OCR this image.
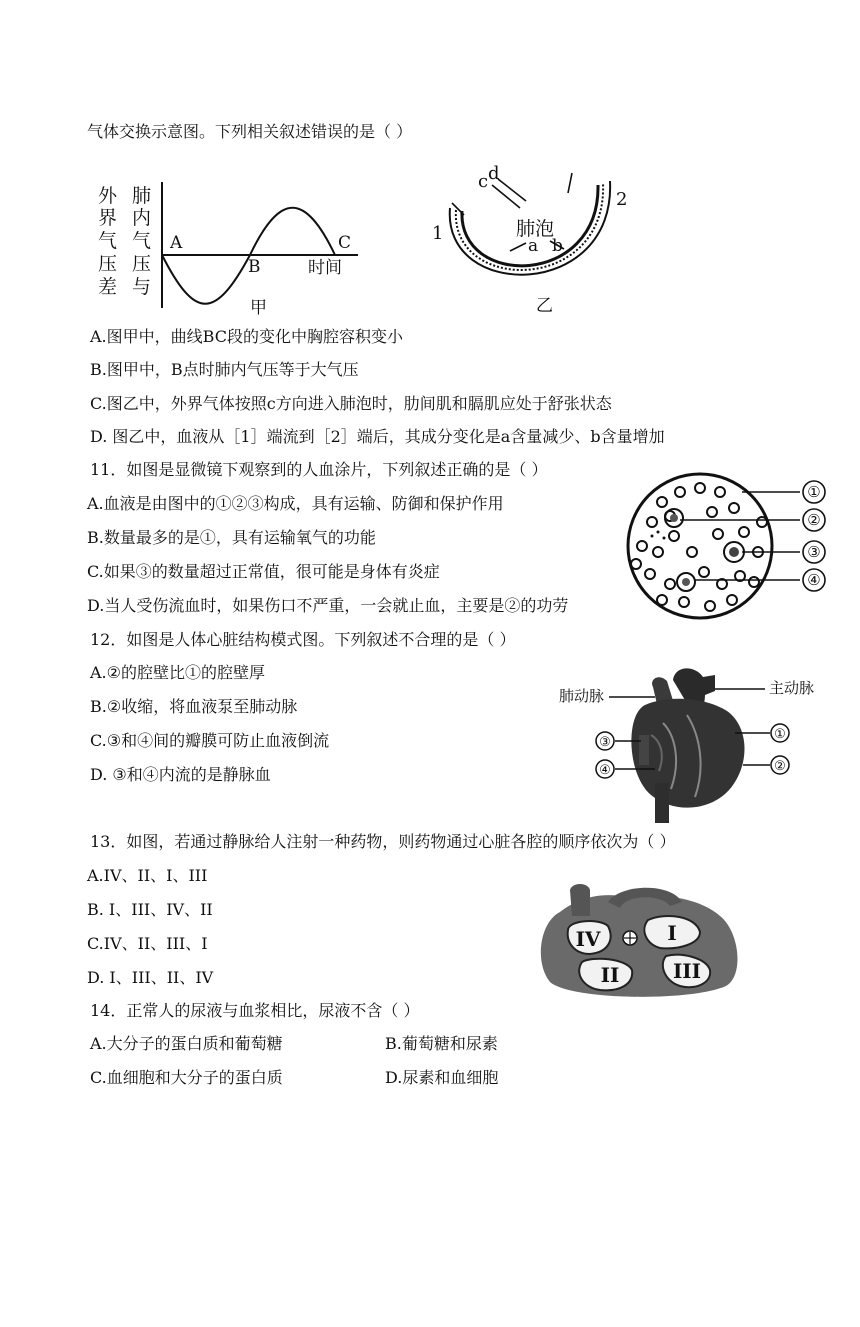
气体交换示意图。下列相关叙述错误的是（ ）
外
界
气
压
差
肺
内
气
压
与
A
B
C
时间
甲
c d
1
2
肺泡
a b
乙
A.图甲中，曲线BC段的变化中胸腔容积变小
B.图甲中，B点时肺内气压等于大气压
C.图乙中，外界气体按照c方向进入肺泡时，肋间肌和膈肌应处于舒张状态
D. 图乙中，血液从［1］端流到［2］端后，其成分变化是a含量减少、b含量增加
11．如图是显微镜下观察到的人血涂片，下列叙述正确的是（ ）
A.血液是由图中的①②③构成，具有运输、防御和保护作用
B.数量最多的是①，具有运输氧气的功能
C.如果③的数量超过正常值，很可能是身体有炎症
D.当人受伤流血时，如果伤口不严重，一会就止血，主要是②的功劳
①
②
③
④
12．如图是人体心脏结构模式图。下列叙述不合理的是（ ）
A.②的腔壁比①的腔壁厚
B.②收缩，将血液泵至肺动脉
C.③和④间的瓣膜可防止血液倒流
D. ③和④内流的是静脉血
肺动脉	主动脉
①
②
③
④
13．如图，若通过静脉给人注射一种药物，则药物通过心脏各腔的顺序依次为（ ）
A.IV、II、I、III
B. I、III、IV、II
C.IV、II、III、I
D. I、III、II、IV
IV	I
II	III
14．正常人的尿液与血浆相比，尿液不含（ ）
A.大分子的蛋白质和葡萄糖	B.葡萄糖和尿素
C.血细胞和大分子的蛋白质	D.尿素和血细胞
